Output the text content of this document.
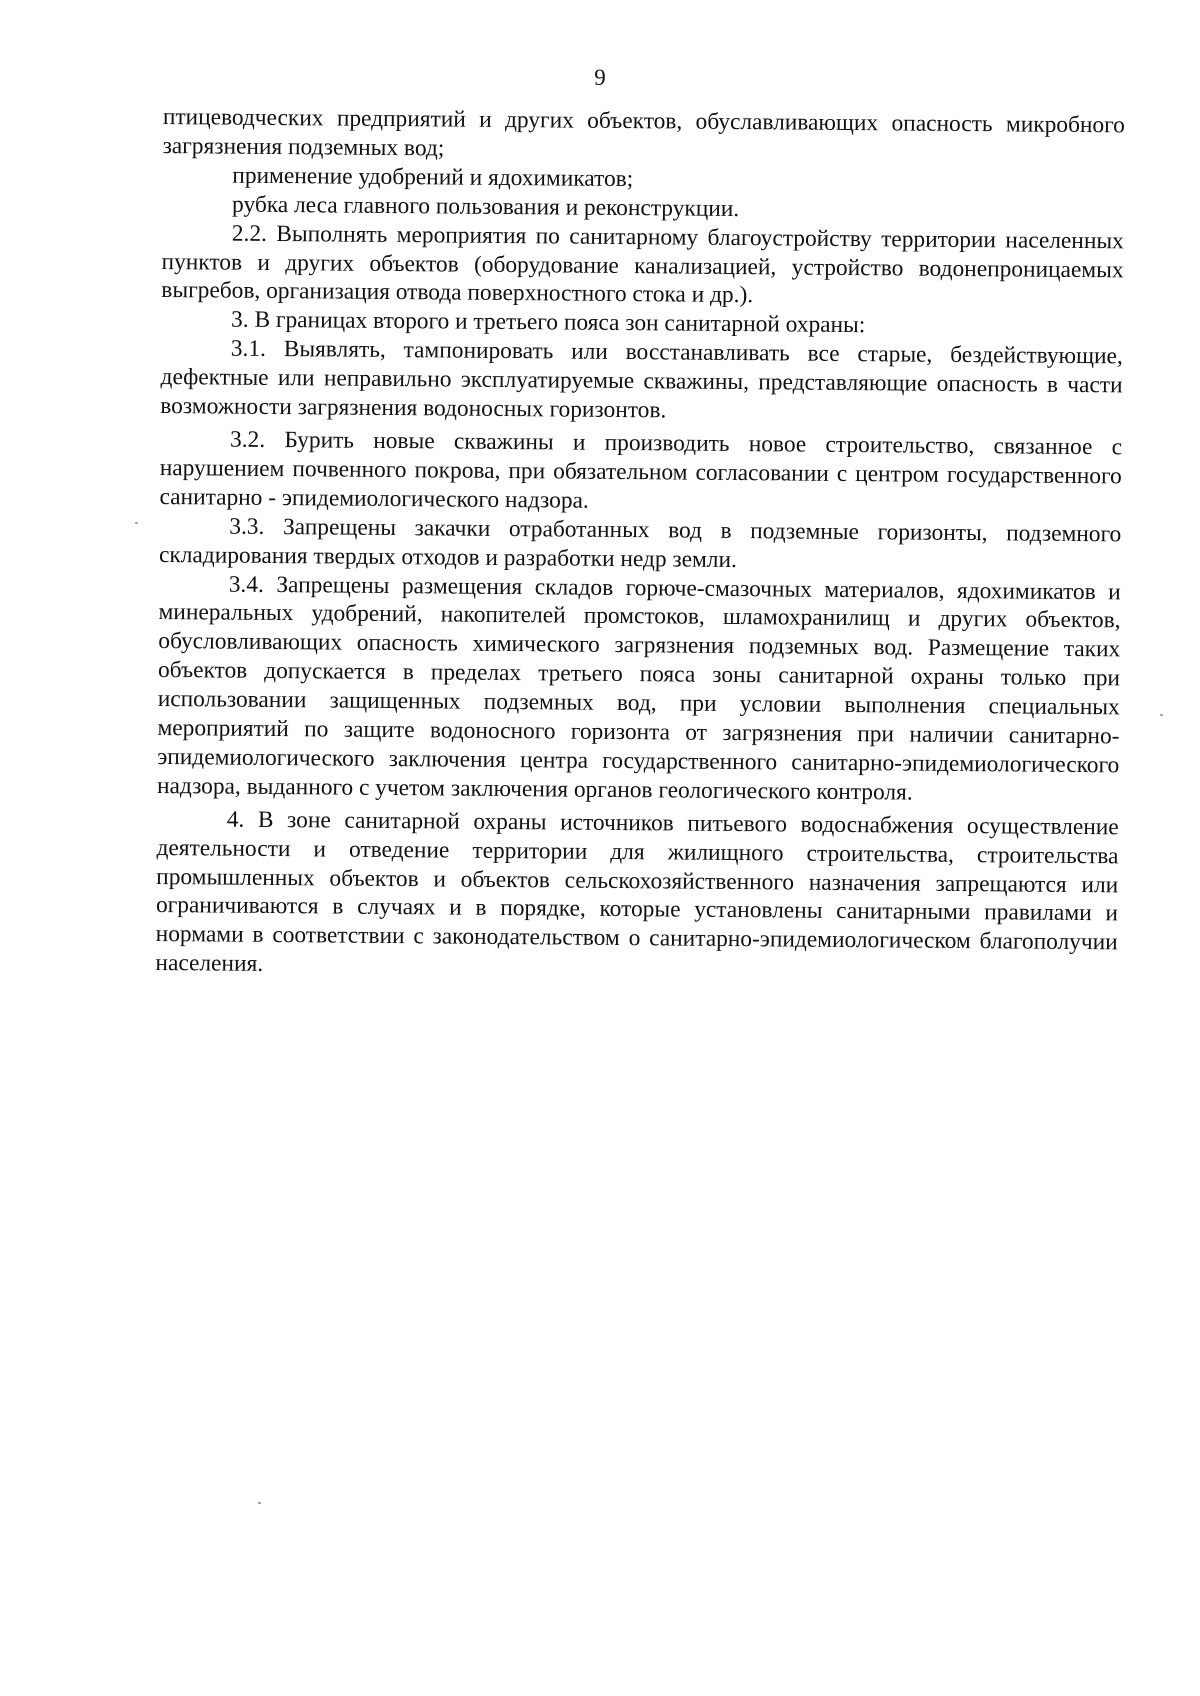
9

птицеводческих предприятий и других объектов, обуславливающих опасность микробного загрязнения подземных вод;

применение удобрений и ядохимикатов;

рубка леса главного пользования и реконструкции.

2.2. Выполнять мероприятия по санитарному благоустройству территории населенных пунктов и других объектов (оборудование канализацией, устройство водонепроницаемых выгребов, организация отвода поверхностного стока и др.).

3. В границах второго и третьего пояса зон санитарной охраны:

3.1. Выявлять, тампонировать или восстанавливать все старые, бездействующие, дефектные или неправильно эксплуатируемые скважины, представляющие опасность в части возможности загрязнения водоносных горизонтов.

3.2. Бурить новые скважины и производить новое строительство, связанное с нарушением почвенного покрова, при обязательном согласовании с центром государственного санитарно - эпидемиологического надзора.

3.3. Запрещены закачки отработанных вод в подземные горизонты, подземного складирования твердых отходов и разработки недр земли.

3.4. Запрещены размещения складов горюче-смазочных материалов, ядохимикатов и минеральных удобрений, накопителей промстоков, шламохранилищ и других объектов, обусловливающих опасность химического загрязнения подземных вод. Размещение таких объектов допускается в пределах третьего пояса зоны санитарной охраны только при использовании защищенных подземных вод, при условии выполнения специальных мероприятий по защите водоносного горизонта от загрязнения при наличии санитарно-эпидемиологического заключения центра государственного санитарно-эпидемиологического надзора, выданного с учетом заключения органов геологического контроля.

4. В зоне санитарной охраны источников питьевого водоснабжения осуществление деятельности и отведение территории для жилищного строительства, строительства промышленных объектов и объектов сельскохозяйственного назначения запрещаются или ограничиваются в случаях и в порядке, которые установлены санитарными правилами и нормами в соответствии с законодательством о санитарно-эпидемиологическом благополучии населения.
